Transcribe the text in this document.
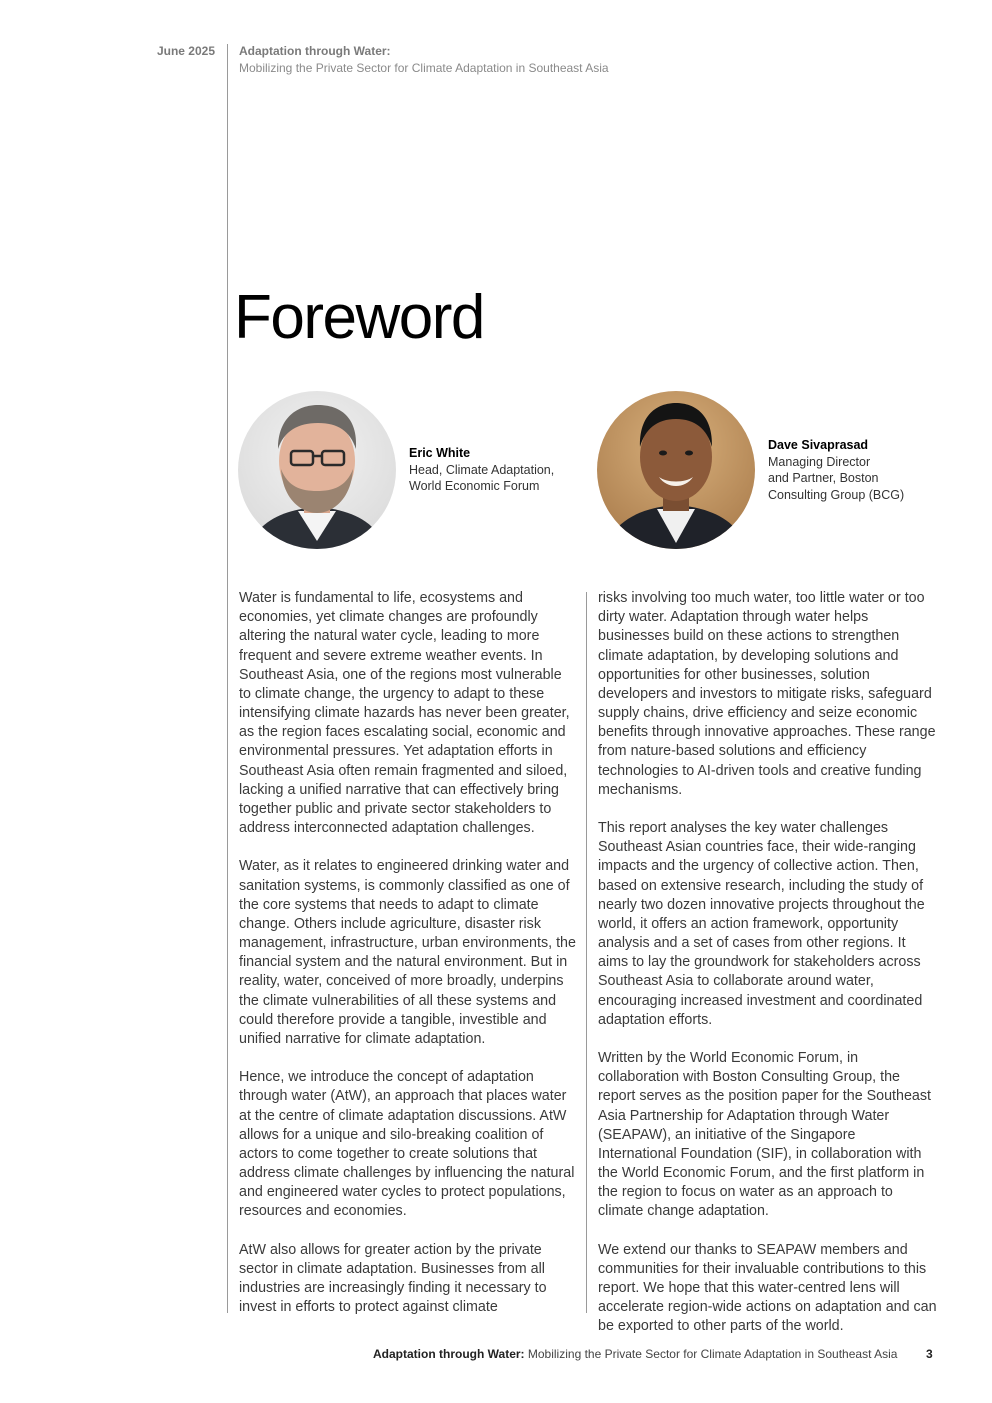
June 2025 Adaptation through Water:
Mobilizing the Private Sector for Climate Adaptation in Southeast Asia
Foreword
Eric White
Head, Climate Adaptation,
World Economic Forum
Dave Sivaprasad
Managing Director
and Partner, Boston
Consulting Group (BCG)

Water is fundamental to life, ecosystems and economies, yet climate changes are profoundly altering the natural water cycle, leading to more frequent and severe extreme weather events. In Southeast Asia, one of the regions most vulnerable to climate change, the urgency to adapt to these intensifying climate hazards has never been greater, as the region faces escalating social, economic and environmental pressures. Yet adaptation efforts in Southeast Asia often remain fragmented and siloed, lacking a unified narrative that can effectively bring together public and private sector stakeholders to address interconnected adaptation challenges.

Water, as it relates to engineered drinking water and sanitation systems, is commonly classified as one of the core systems that needs to adapt to climate change. Others include agriculture, disaster risk management, infrastructure, urban environments, the financial system and the natural environment. But in reality, water, conceived of more broadly, underpins the climate vulnerabilities of all these systems and could therefore provide a tangible, investible and unified narrative for climate adaptation.

Hence, we introduce the concept of adaptation through water (AtW), an approach that places water at the centre of climate adaptation discussions. AtW allows for a unique and silo-breaking coalition of actors to come together to create solutions that address climate challenges by influencing the natural and engineered water cycles to protect populations, resources and economies.

AtW also allows for greater action by the private sector in climate adaptation. Businesses from all industries are increasingly finding it necessary to invest in efforts to protect against climate

risks involving too much water, too little water or too dirty water. Adaptation through water helps businesses build on these actions to strengthen climate adaptation, by developing solutions and opportunities for other businesses, solution developers and investors to mitigate risks, safeguard supply chains, drive efficiency and seize economic benefits through innovative approaches. These range from nature-based solutions and efficiency technologies to AI-driven tools and creative funding mechanisms.

This report analyses the key water challenges Southeast Asian countries face, their wide-ranging impacts and the urgency of collective action. Then, based on extensive research, including the study of nearly two dozen innovative projects throughout the world, it offers an action framework, opportunity analysis and a set of cases from other regions. It aims to lay the groundwork for stakeholders across Southeast Asia to collaborate around water, encouraging increased investment and coordinated adaptation efforts.

Written by the World Economic Forum, in collaboration with Boston Consulting Group, the report serves as the position paper for the Southeast Asia Partnership for Adaptation through Water (SEAPAW), an initiative of the Singapore International Foundation (SIF), in collaboration with the World Economic Forum, and the first platform in the region to focus on water as an approach to climate change adaptation.

We extend our thanks to SEAPAW members and communities for their invaluable contributions to this report. We hope that this water-centred lens will accelerate region-wide actions on adaptation and can be exported to other parts of the world.

Adaptation through Water: Mobilizing the Private Sector for Climate Adaptation in Southeast Asia 3
